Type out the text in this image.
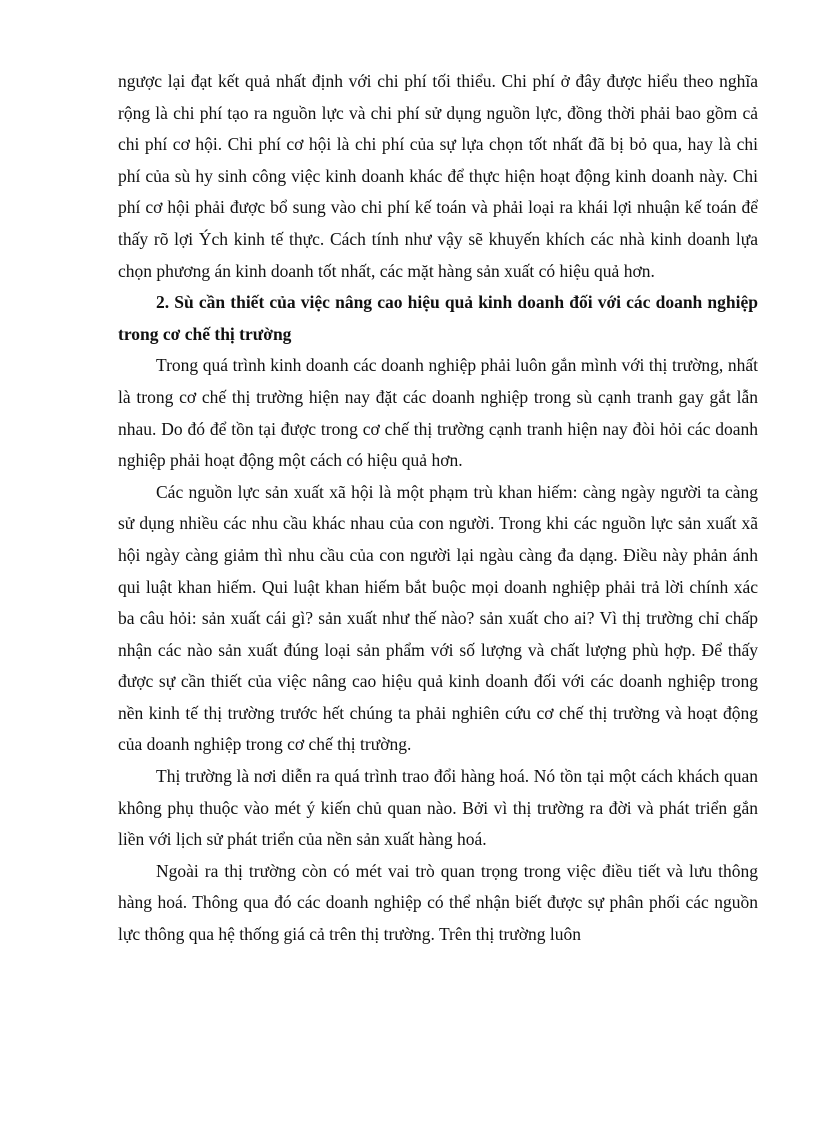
ngược lại đạt kết quả nhất định với chi phí tối thiểu. Chi phí ở đây được hiểu theo nghĩa rộng là chi phí tạo ra nguồn lực và chi phí sử dụng nguồn lực, đồng thời phải bao gồm cả chi phí cơ hội. Chi phí cơ hội là chi phí của sự lựa chọn tốt nhất đã bị bỏ qua, hay là chi phí của sù hy sinh công việc kinh doanh khác để thực hiện hoạt động kinh doanh này. Chi phí cơ hội phải được bổ sung vào chi phí kế toán và phải loại ra khái lợi nhuận kế toán để thấy rõ lợi Ých kinh tế thực. Cách tính như vậy sẽ khuyến khích các nhà kinh doanh lựa chọn phương án kinh doanh tốt nhất, các mặt hàng sản xuất có hiệu quả hơn.

2. Sù cần thiết của việc nâng cao hiệu quả kinh doanh đối với các doanh nghiệp trong cơ chế thị trường

Trong quá trình kinh doanh các doanh nghiệp phải luôn gắn mình với thị trường, nhất là trong cơ chế thị trường hiện nay đặt các doanh nghiệp trong sù cạnh tranh gay gắt lẫn nhau. Do đó để tồn tại được trong cơ chế thị trường cạnh tranh hiện nay đòi hỏi các doanh nghiệp phải hoạt động một cách có hiệu quả hơn.

Các nguồn lực sản xuất xã hội là một phạm trù khan hiếm: càng ngày người ta càng sử dụng nhiều các nhu cầu khác nhau của con người. Trong khi các nguồn lực sản xuất xã hội ngày càng giảm thì nhu cầu của con người lại ngàu càng đa dạng. Điều này phản ánh qui luật khan hiếm. Qui luật khan hiếm bắt buộc mọi doanh nghiệp phải trả lời chính xác ba câu hỏi: sản xuất cái gì? sản xuất như thế nào? sản xuất cho ai? Vì thị trường chỉ chấp nhận các nào sản xuất đúng loại sản phẩm với số lượng và chất lượng phù hợp. Để thấy được sự cần thiết của việc nâng cao hiệu quả kinh doanh đối với các doanh nghiệp trong nền kinh tế thị trường trước hết chúng ta phải nghiên cứu cơ chế thị trường và hoạt động của doanh nghiệp trong cơ chế thị trường.

Thị trường là nơi diễn ra quá trình trao đổi hàng hoá. Nó tồn tại một cách khách quan không phụ thuộc vào mét ý kiến chủ quan nào. Bởi vì thị trường ra đời và phát triển gắn liền với lịch sử phát triển của nền sản xuất hàng hoá.

Ngoài ra thị trường còn có mét vai trò quan trọng trong việc điều tiết và lưu thông hàng hoá. Thông qua đó các doanh nghiệp có thể nhận biết được sự phân phối các nguồn lực thông qua hệ thống giá cả trên thị trường. Trên thị trường luôn
